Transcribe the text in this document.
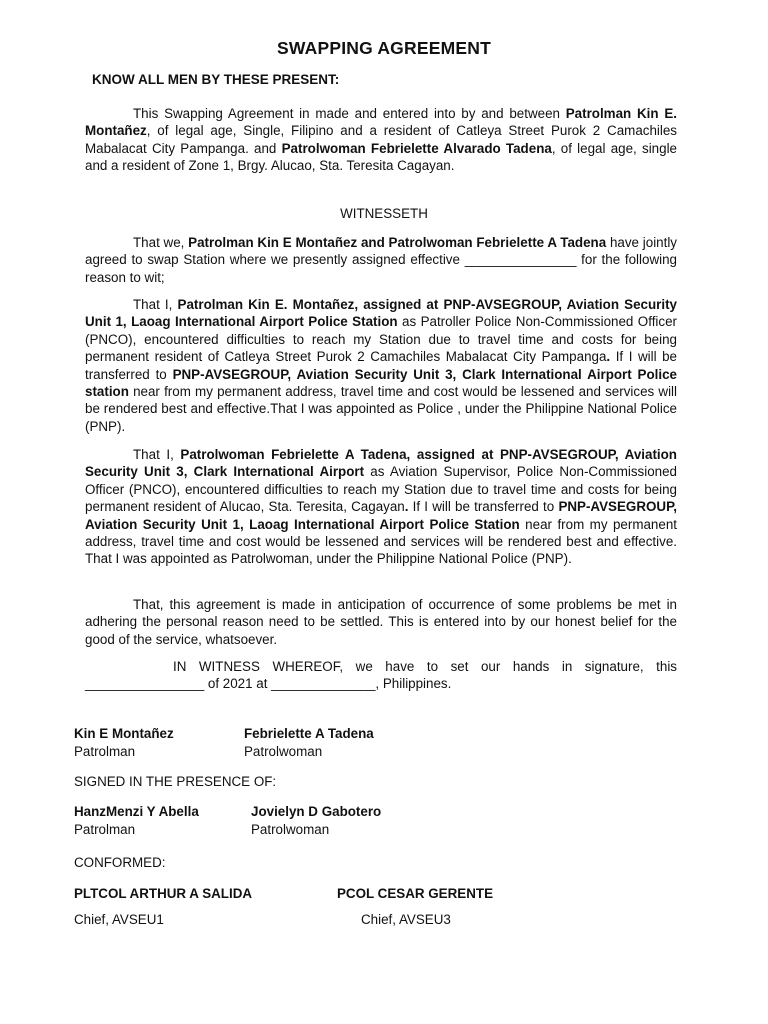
SWAPPING AGREEMENT
KNOW ALL MEN BY THESE PRESENT:

This Swapping Agreement in made and entered into by and between Patrolman Kin E. Montañez, of legal age, Single, Filipino and a resident of Catleya Street Purok 2 Camachiles Mabalacat City Pampanga. and Patrolwoman Febrielette Alvarado Tadena, of legal age, single and a resident of Zone 1, Brgy. Alucao, Sta. Teresita Cagayan.

WITNESSETH

That we, Patrolman Kin E Montañez and Patrolwoman Febrielette A Tadena have jointly agreed to swap Station where we presently assigned effective _______________ for the following reason to wit;

That I, Patrolman Kin E. Montañez, assigned at PNP-AVSEGROUP, Aviation Security Unit 1, Laoag International Airport Police Station as Patroller Police Non-Commissioned Officer (PNCO), encountered difficulties to reach my Station due to travel time and costs for being permanent resident of Catleya Street Purok 2 Camachiles Mabalacat City Pampanga. If I will be transferred to PNP-AVSEGROUP, Aviation Security Unit 3, Clark International Airport Police station near from my permanent address, travel time and cost would be lessened and services will be rendered best and effective.That I was appointed as Police , under the Philippine National Police (PNP).

That I, Patrolwoman Febrielette A Tadena, assigned at PNP-AVSEGROUP, Aviation Security Unit 3, Clark International Airport as Aviation Supervisor, Police Non-Commissioned Officer (PNCO), encountered difficulties to reach my Station due to travel time and costs for being permanent resident of Alucao, Sta. Teresita, Cagayan. If I will be transferred to PNP-AVSEGROUP, Aviation Security Unit 1, Laoag International Airport Police Station near from my permanent address, travel time and cost would be lessened and services will be rendered best and effective. That I was appointed as Patrolwoman, under the Philippine National Police (PNP).

That, this agreement is made in anticipation of occurrence of some problems be met in adhering the personal reason need to be settled. This is entered into by our honest belief for the good of the service, whatsoever.

IN WITNESS WHEREOF, we have to set our hands in signature, this ________________ of 2021 at ______________, Philippines.

Kin E Montañez
Patrolman
Febrielette A Tadena
Patrolwoman
SIGNED IN THE PRESENCE OF:
HanzMenzi Y Abella
Patrolman
Jovielyn D Gabotero
Patrolwoman
CONFORMED:
PLTCOL ARTHUR A SALIDA
Chief, AVSEU1
PCOL CESAR GERENTE
Chief, AVSEU3
